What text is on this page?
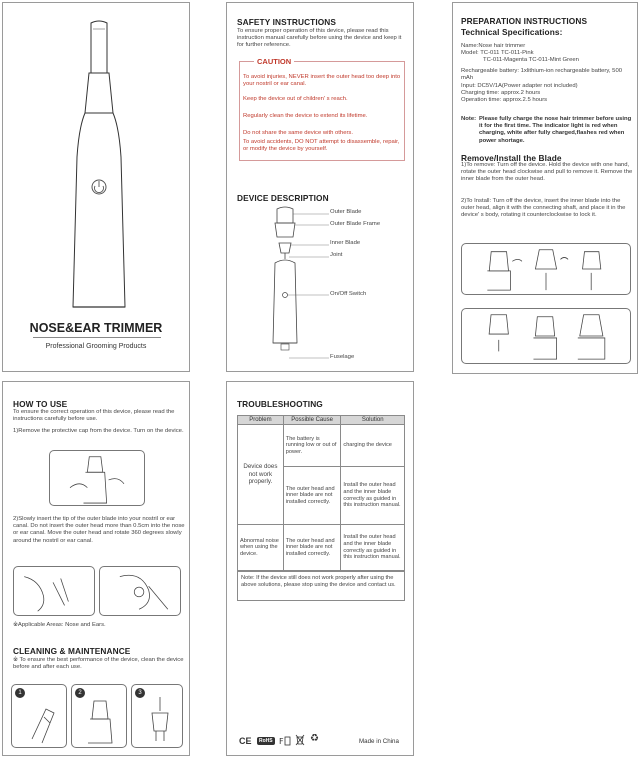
NOSE&EAR TRIMMER
Professional Grooming Products
SAFETY INSTRUCTIONS
To ensure proper operation of this device, please read this instruction manual carefully before using the device and keep it for further reference.
CAUTION
To avoid injuries, NEVER insert the outer head too deep into your nostril or ear canal.
Keep the device out of children' s reach.
Regularly clean the device to extend its lifetime.
Do not share the same device with others.
To avoid accidents, DO NOT attempt to disassemble, repair, or modify the device by yourself.
DEVICE DESCRIPTION
Outer Blade
Outer Blade Frame
Inner Blade
Joint
On/Off Switch
Fuselage
PREPARATION INSTRUCTIONS
Technical Specifications:
Name:Nose hair trimmer
Model: TC-011 TC-011-Pink
TC-011-Magenta TC-011-Mint Green
Rechargeable battery: 1xlithium-ion rechargeable battery, 500 mAh
Input: DC5V/1A(Power adapter not included)
Charging time: approx.2 hours
Operation time: approx.2.5 hours
Note: Please fully charge the nose hair trimmer before using it for the first time. The indicator light is red when charging, white after fully charged,flashes red when power shortage.
Remove/Install the Blade
1)To remove: Turn off the device. Hold the device with one hand, rotate the outer head clockwise and pull to remove it. Remove the inner blade from the outer head.
2)To Install: Turn off the device, insert the inner blade into the outer head, align it with the connecting shaft, and place it in the device' s body, rotating it counterclockwise to lock it.
HOW TO USE
To ensure the correct operation of this device, please read the instructions carefully before use.
1)Remove the protective cap from the device. Turn on the device.
2)Slowly insert the tip of the outer blade into your nostril or ear canal. Do not insert the outer head more than 0.5cm into the nose or ear canal. Move the outer head and rotate 360 degrees slowly around the nostril or ear canal.
※Applicable Areas: Nose and Ears.
CLEANING & MAINTENANCE
※ To ensure the best performance of the device, clean the device before and after each use.
1	2	3
TROUBLESHOOTING
Problem	Possible Cause	Solution
Device does not work properly.	The battery is running low or out of power.	charging the device
	The outer head and inner blade are not installed correctly.	Install the outer head and the inner blade correctly as guided in this instruction manual.
Abnormal noise when using the device.	The outer head and inner blade are not installed correctly.	Install the outer head and the inner blade correctly as guided in this instruction manual.
Note: If the device still does not work properly after using the above solutions, please stop using the device and contact us.
CE	RoHS F	♻	Made in China
